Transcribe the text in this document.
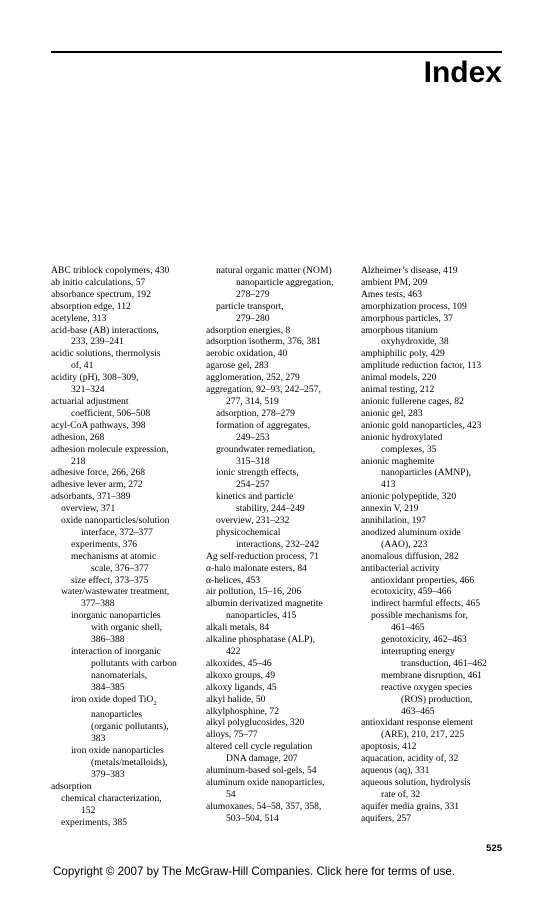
Index
ABC triblock copolymers, 430
ab initio calculations, 57
absorbance spectrum, 192
absorption edge, 112
acetylene, 313
acid-base (AB) interactions,
233, 239–241
acidic solutions, thermolysis
of, 41
acidity (pH), 308–309,
321–324
actuarial adjustment
coefficient, 506–508
acyl-CoA pathways, 398
adhesion, 268
adhesion molecule expression,
218
adhesive force, 266, 268
adhesive lever arm, 272
adsorbants, 371–389
overview, 371
oxide nanoparticles/solution
interface, 372–377
experiments, 376
mechanisms at atomic
scale, 376–377
size effect, 373–375
water/wastewater treatment,
377–388
inorganic nanoparticles
with organic shell,
386–388
interaction of inorganic
pollutants with carbon
nanomaterials,
384–385
iron oxide doped TiO$_2$
nanoparticles
(organic pollutants),
383
iron oxide nanoparticles
(metals/metalloids),
379–383
adsorption
chemical characterization,
152
experiments, 385
natural organic matter (NOM)
nanoparticle aggregation,
278–279
particle transport,
279–280
adsorption energies, 8
adsorption isotherm, 376, 381
aerobic oxidation, 40
agarose gel, 283
agglomeration, 252, 279
aggregation, 92–93, 242–257,
277, 314, 519
adsorption, 278–279
formation of aggregates,
249–253
groundwater remediation,
315–318
ionic strength effects,
254–257
kinetics and particle
stability, 244–249
overview, 231–232
physicochemical
interactions, 232–242
Ag self-reduction process, 71
α-halo malonate esters, 84
α-helices, 453
air pollution, 15–16, 206
albumin derivatized magnetite
nanoparticles, 415
alkali metals, 84
alkaline phosphatase (ALP),
422
alkoxides, 45–46
alkoxo groups, 49
alkoxy ligands, 45
alkyl halide, 50
alkylphosphine, 72
alkyl polyglucosides, 320
alloys, 75–77
altered cell cycle regulation
DNA damage, 207
aluminum-based sol-gels, 54
aluminum oxide nanoparticles,
54
alumoxanes, 54–58, 357, 358,
503–504, 514
Alzheimer’s disease, 419
ambient PM, 209
Ames tests, 463
amorphization process, 109
amorphous particles, 37
amorphous titanium
oxyhydroxide, 38
amphiphilic poly, 429
amplitude reduction factor, 113
animal models, 220
animal testing, 212
anionic fullerene cages, 82
anionic gel, 283
anionic gold nanoparticles, 423
anionic hydroxylated
complexes, 35
anionic maghemite
nanoparticles (AMNP),
413
anionic polypeptide, 320
annexin V, 219
annihilation, 197
anodized aluminum oxide
(AAO), 223
anomalous diffusion, 282
antibacterial activity
antioxidant properties, 466
ecotoxicity, 459–466
indirect harmful effects, 465
possible mechanisms for,
461–465
genotoxicity, 462–463
interrupting energy
transduction, 461–462
membrane disruption, 461
reactive oxygen species
(ROS) production,
463–465
antioxidant response element
(ARE), 210, 217, 225
apoptosis, 412
aquacation, acidity of, 32
aqueous (aq), 331
aqueous solution, hydrolysis
rate of, 32
aquifer media grains, 331
aquifers, 257
525
Copyright © 2007 by The McGraw-Hill Companies. Click here for terms of use.
